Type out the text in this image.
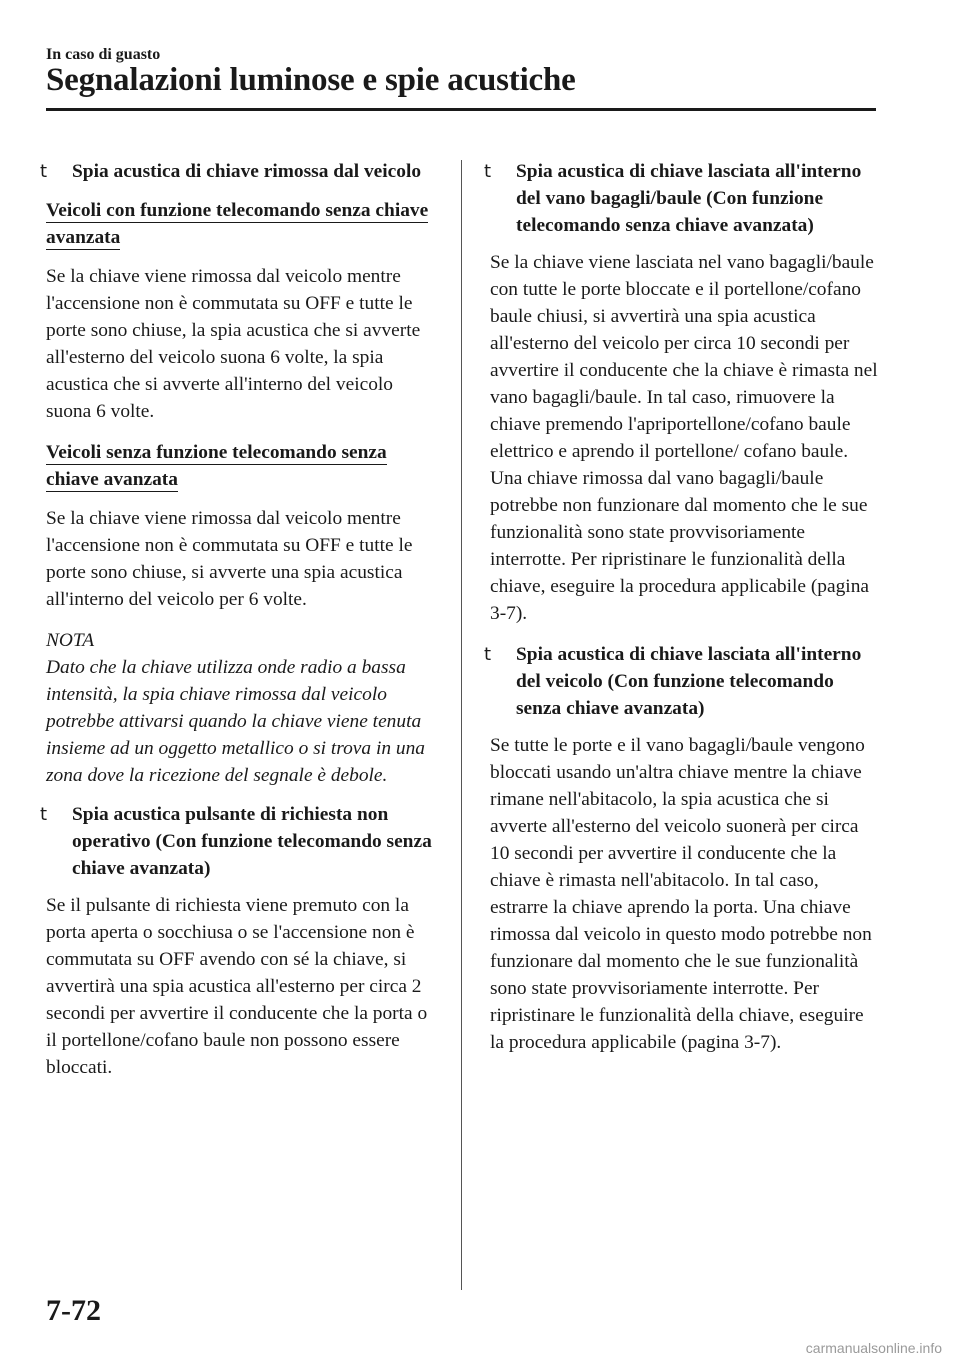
In caso di guasto
Segnalazioni luminose e spie acustiche
t Spia acustica di chiave rimossa dal veicolo
Veicoli con funzione telecomando senza chiave avanzata

Se la chiave viene rimossa dal veicolo mentre l'accensione non è commutata su OFF e tutte le porte sono chiuse, la spia acustica che si avverte all'esterno del veicolo suona 6 volte, la spia acustica che si avverte all'interno del veicolo suona 6 volte.

Veicoli senza funzione telecomando senza chiave avanzata

Se la chiave viene rimossa dal veicolo mentre l'accensione non è commutata su OFF e tutte le porte sono chiuse, si avverte una spia acustica all'interno del veicolo per 6 volte.

NOTA

Dato che la chiave utilizza onde radio a bassa intensità, la spia chiave rimossa dal veicolo potrebbe attivarsi quando la chiave viene tenuta insieme ad un oggetto metallico o si trova in una zona dove la ricezione del segnale è debole.

t Spia acustica pulsante di richiesta non operativo (Con funzione telecomando senza chiave avanzata)

Se il pulsante di richiesta viene premuto con la porta aperta o socchiusa o se l'accensione non è commutata su OFF avendo con sé la chiave, si avvertirà una spia acustica all'esterno per circa 2 secondi per avvertire il conducente che la porta o il portellone/cofano baule non possono essere bloccati.

t Spia acustica di chiave lasciata all'interno del vano bagagli/baule (Con funzione telecomando senza chiave avanzata)

Se la chiave viene lasciata nel vano bagagli/baule con tutte le porte bloccate e il portellone/cofano baule chiusi, si avvertirà una spia acustica all'esterno del veicolo per circa 10 secondi per avvertire il conducente che la chiave è rimasta nel vano bagagli/baule. In tal caso, rimuovere la chiave premendo l'apriportellone/cofano baule elettrico e aprendo il portellone/ cofano baule. Una chiave rimossa dal vano bagagli/baule potrebbe non funzionare dal momento che le sue funzionalità sono state provvisoriamente interrotte. Per ripristinare le funzionalità della chiave, eseguire la procedura applicabile (pagina 3-7).

t Spia acustica di chiave lasciata all'interno del veicolo (Con funzione telecomando senza chiave avanzata)

Se tutte le porte e il vano bagagli/baule vengono bloccati usando un'altra chiave mentre la chiave rimane nell'abitacolo, la spia acustica che si avverte all'esterno del veicolo suonerà per circa 10 secondi per avvertire il conducente che la chiave è rimasta nell'abitacolo. In tal caso, estrarre la chiave aprendo la porta. Una chiave rimossa dal veicolo in questo modo potrebbe non funzionare dal momento che le sue funzionalità sono state provvisoriamente interrotte. Per ripristinare le funzionalità della chiave, eseguire la procedura applicabile (pagina 3-7).

7-72
carmanualsonline.info
